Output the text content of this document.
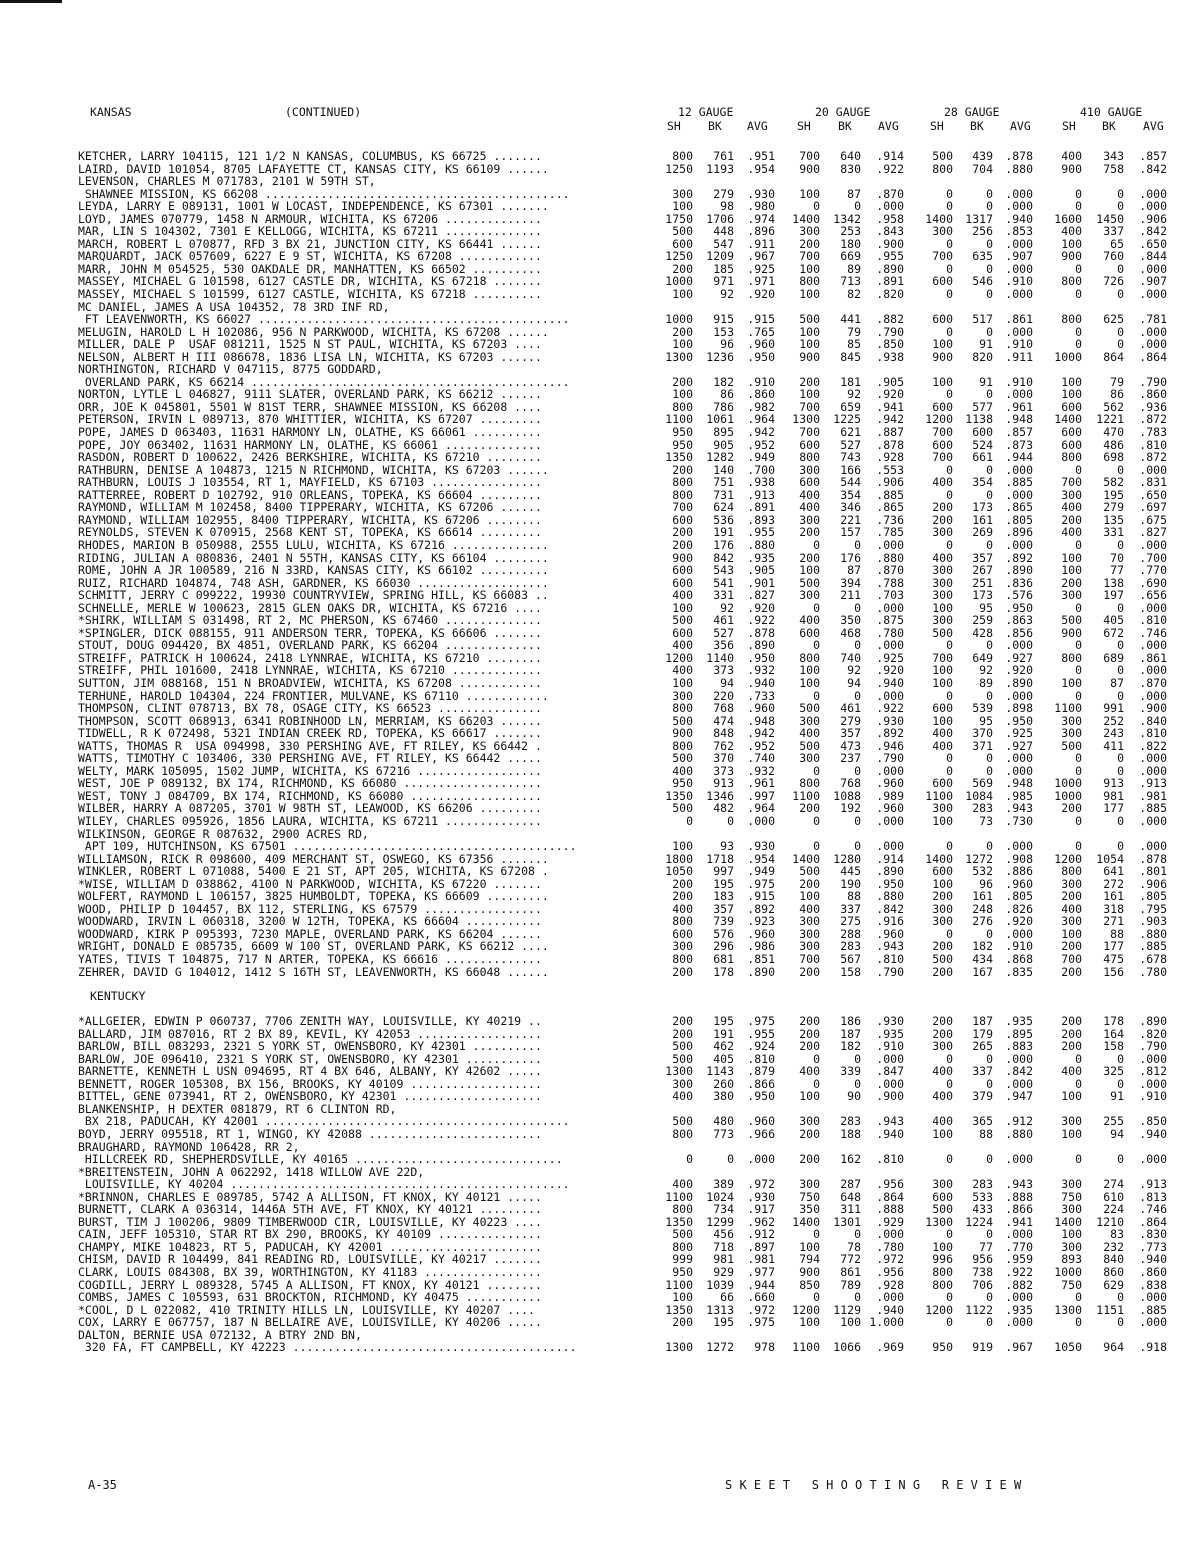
KANSAS	(CONTINUED)	12 GAUGE	20 GAUGE	28 GAUGE	410 GAUGE
SH BK AVG	SH BK AVG	SH BK AVG	SH BK AVG
KETCHER, LARRY 104115, 121 1/2 N KANSAS, COLUMBUS, KS 66725 .......	800 761 .951 700 640 .914 500 439 .878 400 343 .857
LAIRD, DAVID 101054, 8705 LAFAYETTE CT, KANSAS CITY, KS 66109 ......	1250 1193 .954 900 830 .922 800 704 .880 900 758 .842
LEVENSON, CHARLES M 071783, 2101 W 59TH ST,
SHAWNEE MISSION, KS 66208 ............................................	300 279 .930 100 87 .870	0	0 .000	0	0 .000
LEYDA, LARRY E 089131, 1001 W LOCAST, INDEPENDENCE, KS 67301 .......	100 98 .980	0	0 .000	0	0 .000	0	0 .000
LOYD, JAMES 070779, 1458 N ARMOUR, WICHITA, KS 67206 ..............	1750 1706 .974 1400 1342 .958 1400 1317 .940 1600 1450 .906
MAR, LIN S 104302, 7301 E KELLOGG, WICHITA, KS 67211 ..............	500 448 .896 300 253 .843 300 256 .853 400 337 .842
MARCH, ROBERT L 070877, RFD 3 BX 21, JUNCTION CITY, KS 66441 ......	600 547 .911 200 180 .900	0	0 .000 100 65 .650
MARQUARDT, JACK 057609, 6227 E 9 ST, WICHITA, KS 67208 ............	1250 1209 .967 700 669 .955 700 635 .907 900 760 .844
MARR, JOHN M 054525, 530 OAKDALE DR, MANHATTEN, KS 66502 ..........	200 185 .925 100 89 .890	0	0 .000	0	0 .000
MASSEY, MICHAEL G 101598, 6127 CASTLE DR, WICHITA, KS 67218 .......	1000 971 .971 800 713 .891 600 546 .910 800 726 .907
MASSEY, MICHAEL S 101599, 6127 CASTLE, WICHITA, KS 67218 ..........	100 92 .920 100 82 .820	0	0 .000	0	0 .000
MC DANIEL, JAMES A USA 104352, 78 3RD INF RD,
FT LEAVENWORTH, KS 66027 .............................................	1000 915 .915 500 441 .882 600 517 .861 800 625 .781
MELUGIN, HAROLD L H 102086, 956 N PARKWOOD, WICHITA, KS 67208 ......	200 153 .765 100 79 .790	0	0 .000	0	0 .000
MILLER, DALE P  USAF 081211, 1525 N ST PAUL, WICHITA, KS 67203 ....	100 96 .960 100 85 .850 100 91 .910	0	0 .000
NELSON, ALBERT H III 086678, 1836 LISA LN, WICHITA, KS 67203 ......	1300 1236 .950 900 845 .938 900 820 .911 1000 864 .864
NORTHINGTON, RICHARD V 047115, 8775 GODDARD,
OVERLAND PARK, KS 66214 ..............................................	200 182 .910 200 181 .905 100 91 .910 100 79 .790
NORTON, LYTLE L 046827, 9111 SLATER, OVERLAND PARK, KS 66212 ......	100 86 .860 100 92 .920	0	0 .000 100 86 .860
ORR, JOE K 045801, 5501 W 81ST TERR, SHAWNEE MISSION, KS 66208 ....	800 786 .982 700 659 .941 600 577 .961 600 562 .936
PETERSON, IRVIN L 089713, 870 WHITTIER, WICHITA, KS 67207 .........	1100 1061 .964 1300 1225 .942 1200 1138 .948 1400 1221 .872
POPE, JAMES D 063403, 11631 HARMONY LN, OLATHE, KS 66061 ..........	950 895 .942 700 621 .887 700 600 .857 600 470 .783
POPE, JOY 063402, 11631 HARMONY LN, OLATHE, KS 66061 ..............	950 905 .952 600 527 .878 600 524 .873 600 486 .810
RASDON, ROBERT D 100622, 2426 BERKSHIRE, WICHITA, KS 67210 ........	1350 1282 .949 800 743 .928 700 661 .944 800 698 .872
RATHBURN, DENISE A 104873, 1215 N RICHMOND, WICHITA, KS 67203 ......	200 140 .700 300 166 .553	0	0 .000	0	0 .000
RATHBURN, LOUIS J 103554, RT 1, MAYFIELD, KS 67103 ................	800 751 .938 600 544 .906 400 354 .885 700 582 .831
RATTERREE, ROBERT D 102792, 910 ORLEANS, TOPEKA, KS 66604 .........	800 731 .913 400 354 .885	0	0 .000 300 195 .650
RAYMOND, WILLIAM M 102458, 8400 TIPPERARY, WICHITA, KS 67206 ......	700 624 .891 400 346 .865 200 173 .865 400 279 .697
RAYMOND, WILLIAM 102955, 8400 TIPPERARY, WICHITA, KS 67206 ........	600 536 .893 300 221 .736 200 161 .805 200 135 .675
REYNOLDS, STEVEN K 070915, 2568 KENT ST, TOPEKA, KS 66614 .........	200 191 .955 200 157 .785 300 269 .896 400 331 .827
RHODES, MARION B 050988, 2555 LULU, WICHITA, KS 67216 ..............	200 176 .880	0	0 .000	0	0 .000	0	0 .000
RIDING, JULIAN A 080836, 2401 N 55TH, KANSAS CITY, KS 66104 ........	900 842 .935 200 176 .880 400 357 .892 100 70 .700
ROME, JOHN A JR 100589, 216 N 33RD, KANSAS CITY, KS 66102 ..........	600 543 .905 100 87 .870 300 267 .890 100 77 .770
RUIZ, RICHARD 104874, 748 ASH, GARDNER, KS 66030 ...................	600 541 .901 500 394 .788 300 251 .836 200 138 .690
SCHMITT, JERRY C 099222, 19930 COUNTRYVIEW, SPRING HILL, KS 66083 ..	400 331 .827 300 211 .703 300 173 .576 300 197 .656
SCHNELLE, MERLE W 100623, 2815 GLEN OAKS DR, WICHITA, KS 67216 ....	100 92 .920	0	0 .000 100 95 .950	0	0 .000
*SHIRK, WILLIAM S 031498, RT 2, MC PHERSON, KS 67460 ..............	500 461 .922 400 350 .875 300 259 .863 500 405 .810
*SPINGLER, DICK 088155, 911 ANDERSON TERR, TOPEKA, KS 66606 .......	600 527 .878 600 468 .780 500 428 .856 900 672 .746
STOUT, DOUG 094420, BX 4851, OVERLAND PARK, KS 66204 ..............	400 356 .890	0	0 .000	0	0 .000	0	0 .000
STREIFF, PATRICK H 100624, 2418 LYNNRAE, WICHITA, KS 67210 ........	1200 1140 .950 800 740 .925 700 649 .927 800 689 .861
STREIFF, PHIL 101600, 2418 LYNNRAE, WICHITA, KS 67210 .............	400 373 .932 100 92 .920 100 92 .920	0	0 .000
SUTTON, JIM 088168, 151 N BROADVIEW, WICHITA, KS 67208 ............	100 94 .940 100 94 .940 100 89 .890 100 87 .870
TERHUNE, HAROLD 104304, 224 FRONTIER, MULVANE, KS 67110 ............	300 220 .733	0	0 .000	0	0 .000	0	0 .000
THOMPSON, CLINT 078713, BX 78, OSAGE CITY, KS 66523 ...............	800 768 .960 500 461 .922 600 539 .898 1100 991 .900
THOMPSON, SCOTT 068913, 6341 ROBINHOOD LN, MERRIAM, KS 66203 ......	500 474 .948 300 279 .930 100 95 .950 300 252 .840
TIDWELL, R K 072498, 5321 INDIAN CREEK RD, TOPEKA, KS 66617 .......	900 848 .942 400 357 .892 400 370 .925 300 243 .810
WATTS, THOMAS R  USA 094998, 330 PERSHING AVE, FT RILEY, KS 66442 .	800 762 .952 500 473 .946 400 371 .927 500 411 .822
WATTS, TIMOTHY C 103406, 330 PERSHING AVE, FT RILEY, KS 66442 .....	500 370 .740 300 237 .790	0	0 .000	0	0 .000
WELTY, MARK 105095, 1502 JUMP, WICHITA, KS 67216 ..................	400 373 .932	0	0 .000	0	0 .000	0	0 .000
WEST, JOE P 089132, BX 174, RICHMOND, KS 66080 ....................	950 913 .961 800 768 .960 600 569 .948 1000 913 .913
WEST, TONY J 084709, BX 174, RICHMOND, KS 66080 ...................	1350 1346 .997 1100 1088 .989 1100 1084 .985 1000 981 .981
WILBER, HARRY A 087205, 3701 W 98TH ST, LEAWOOD, KS 66206 .........	500 482 .964 200 192 .960 300 283 .943 200 177 .885
WILEY, CHARLES 095926, 1856 LAURA, WICHITA, KS 67211 ..............	0	0 .000	0	0 .000 100 73 .730	0	0 .000
WILKINSON, GEORGE R 087632, 2900 ACRES RD,
APT 109, HUTCHINSON, KS 67501 .........................................	100 93 .930	0	0 .000	0	0 .000	0	0 .000
WILLIAMSON, RICK R 098600, 409 MERCHANT ST, OSWEGO, KS 67356 .......	1800 1718 .954 1400 1280 .914 1400 1272 .908 1200 1054 .878
WINKLER, ROBERT L 071088, 5400 E 21 ST, APT 205, WICHITA, KS 67208 .	1050 997 .949 500 445 .890 600 532 .886 800 641 .801
*WISE, WILLIAM D 038862, 4100 N PARKWOOD, WICHITA, KS 67220 .......	200 195 .975 200 190 .950 100 96 .960 300 272 .906
WOLFERT, RAYMOND L 106157, 3825 HUMBOLDT, TOPEKA, KS 66609 .........	200 183 .915 100 88 .880 200 161 .805 200 161 .805
WOOD, PHILIP D 104457, BX 112, STERLING, KS 67579 .................	400 357 .892 400 337 .842 300 248 .826 400 318 .795
WOODWARD, IRVIN L 060318, 3200 W 12TH, TOPEKA, KS 66604 ...........	800 739 .923 300 275 .916 300 276 .920 300 271 .903
WOODWARD, KIRK P 095393, 7230 MAPLE, OVERLAND PARK, KS 66204 ......	600 576 .960 300 288 .960	0	0 .000 100 88 .880
WRIGHT, DONALD E 085735, 6609 W 100 ST, OVERLAND PARK, KS 66212 ....	300 296 .986 300 283 .943 200 182 .910 200 177 .885
YATES, TIVIS T 104875, 717 N ARTER, TOPEKA, KS 66616 ..............	800 681 .851 700 567 .810 500 434 .868 700 475 .678
ZEHRER, DAVID G 104012, 1412 S 16TH ST, LEAVENWORTH, KS 66048 ......	200 178 .890 200 158 .790 200 167 .835 200 156 .780
KENTUCKY
*ALLGEIER, EDWIN P 060737, 7706 ZENITH WAY, LOUISVILLE, KY 40219 ..	200 195 .975 200 186 .930 200 187 .935 200 178 .890
BALLARD, JIM 087016, RT 2 BX 89, KEVIL, KY 42053 ..................	200 191 .955 200 187 .935 200 179 .895 200 164 .820
BARLOW, BILL 083293, 2321 S YORK ST, OWENSBORO, KY 42301 ..........	500 462 .924 200 182 .910 300 265 .883 200 158 .790
BARLOW, JOE 096410, 2321 S YORK ST, OWENSBORO, KY 42301 ...........	500 405 .810	0	0 .000	0	0 .000	0	0 .000
BARNETTE, KENNETH L USN 094695, RT 4 BX 646, ALBANY, KY 42602 .....	1300 1143 .879 400 339 .847 400 337 .842 400 325 .812
BENNETT, ROGER 105308, BX 156, BROOKS, KY 40109 ...................	300 260 .866	0	0 .000	0	0 .000	0	0 .000
BITTEL, GENE 073941, RT 2, OWENSBORO, KY 42301 ....................	400 380 .950 100 90 .900 400 379 .947 100 91 .910
BLANKENSHIP, H DEXTER 081879, RT 6 CLINTON RD,
BX 218, PADUCAH, KY 42001 ............................................	500 480 .960 300 283 .943 400 365 .912 300 255 .850
BOYD, JERRY 095518, RT 1, WINGO, KY 42088 .........................	800 773 .966 200 188 .940 100 88 .880 100 94 .940
BRAUGHARD, RAYMOND 106428, RR 2,
HILLCREEK RD, SHEPHERDSVILLE, KY 40165 ..............................	0	0 .000 200 162 .810	0	0 .000	0	0 .000
*BREITENSTEIN, JOHN A 062292, 1418 WILLOW AVE 22D,
LOUISVILLE, KY 40204 .................................................	400 389 .972 300 287 .956 300 283 .943 300 274 .913
*BRINNON, CHARLES E 089785, 5742 A ALLISON, FT KNOX, KY 40121 .....	1100 1024 .930 750 648 .864 600 533 .888 750 610 .813
BURNETT, CLARK A 036314, 1446A 5TH AVE, FT KNOX, KY 40121 .........	800 734 .917 350 311 .888 500 433 .866 300 224 .746
BURST, TIM J 100206, 9809 TIMBERWOOD CIR, LOUISVILLE, KY 40223 ....	1350 1299 .962 1400 1301 .929 1300 1224 .941 1400 1210 .864
CAIN, JEFF 105310, STAR RT BX 290, BROOKS, KY 40109 ...............	500 456 .912	0	0 .000	0	0 .000 100 83 .830
CHAMPY, MIKE 104823, RT 5, PADUCAH, KY 42001 ......................	800 718 .897 100 78 .780 100 77 .770 300 232 .773
CHISM, DAVID R 104499, 841 READING RD, LOUISVILLE, KY 40217 .......	999 981 .981 794 772 .972 996 956 .959 893 840 .940
CLARK, LOUIS 084308, BX 39, WORTHINGTON, KY 41183 .................	950 929 .977 900 861 .956 800 738 .922 1000 860 .860
COGDILL, JERRY L 089328, 5745 A ALLISON, FT KNOX, KY 40121 ........	1100 1039 .944 850 789 .928 800 706 .882 750 629 .838
COMBS, JAMES C 105593, 631 BROCKTON, RICHMOND, KY 40475 ...........	100 66 .660	0	0 .000	0	0 .000	0	0 .000
*COOL, D L 022082, 410 TRINITY HILLS LN, LOUISVILLE, KY 40207 ....	1350 1313 .972 1200 1129 .940 1200 1122 .935 1300 1151 .885
COX, LARRY E 067757, 187 N BELLAIRE AVE, LOUISVILLE, KY 40206 .....	200 195 .975 100 100 1.000	0	0 .000	0	0 .000
DALTON, BERNIE USA 072132, A BTRY 2ND BN,
320 FA, FT CAMPBELL, KY 42223 .........................................	1300 1272 978 1100 1066 .969 950 919 .967 1050 964 .918
A-35	S K E E T   S H O O T I N G   R E V I E W
